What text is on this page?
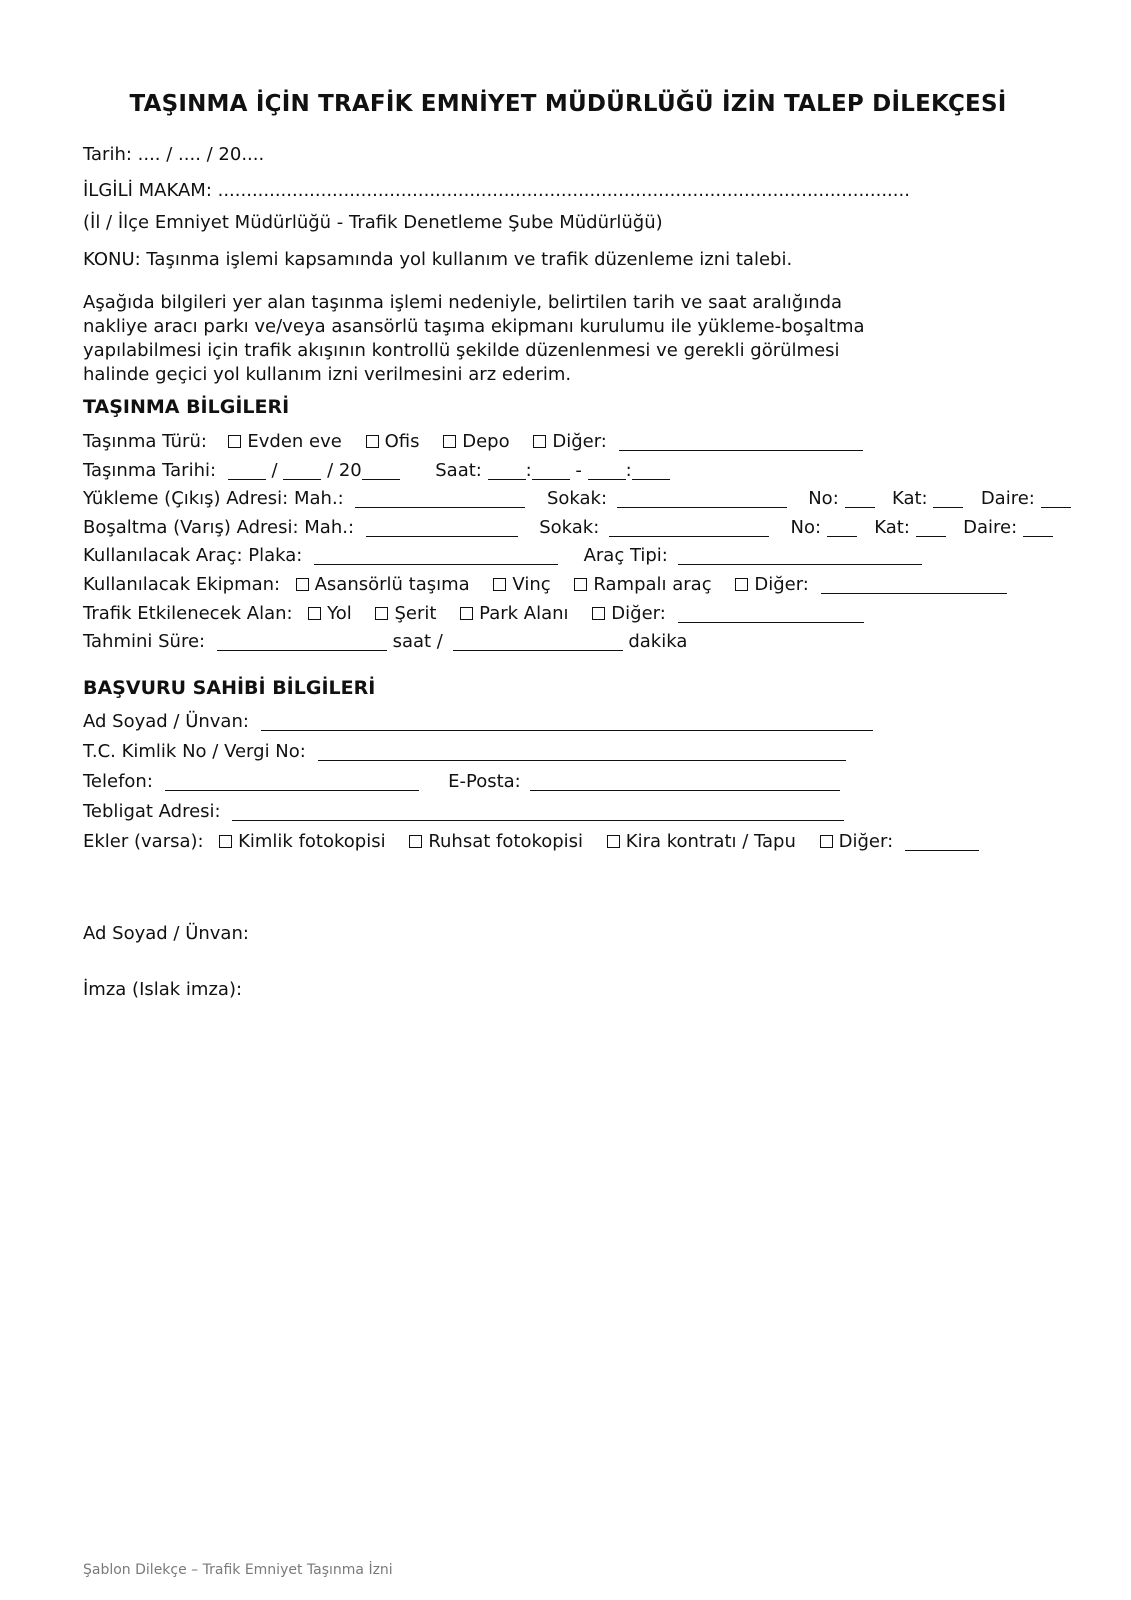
TAŞINMA İÇİN TRAFİK EMNİYET MÜDÜRLÜĞÜ İZİN TALEP DİLEKÇESİ
Tarih: .... / .... / 20....
İLGİLİ MAKAM: .........................................................................................................................
(İl / İlçe Emniyet Müdürlüğü - Trafik Denetleme Şube Müdürlüğü)
KONU: Taşınma işlemi kapsamında yol kullanım ve trafik düzenleme izni talebi.
Aşağıda bilgileri yer alan taşınma işlemi nedeniyle, belirtilen tarih ve saat aralığında
nakliye aracı parkı ve/veya asansörlü taşıma ekipmanı kurulumu ile yükleme-boşaltma
yapılabilmesi için trafik akışının kontrollü şekilde düzenlenmesi ve gerekli görülmesi
halinde geçici yol kullanım izni verilmesini arz ederim.
TAŞINMA BİLGİLERİ
Taşınma Türü: Evden eve Ofis Depo Diğer:
Taşınma Tarihi:	/	/ 20	Saat: : - :
Yükleme (Çıkış) Adresi: Mah.:	Sokak:	No:	Kat:	Daire:
Boşaltma (Varış) Adresi: Mah.:	Sokak:	No:	Kat:	Daire:
Kullanılacak Araç: Plaka:	Araç Tipi:
Kullanılacak Ekipman: Asansörlü taşıma Vinç Rampalı araç Diğer:
Trafik Etkilenecek Alan: Yol Şerit Park Alanı Diğer:
Tahmini Süre:	saat /	dakika
BAŞVURU SAHİBİ BİLGİLERİ
Ad Soyad / Ünvan:
T.C. Kimlik No / Vergi No:
Telefon:	E-Posta:
Tebligat Adresi:
Ekler (varsa): Kimlik fotokopisi Ruhsat fotokopisi Kira kontratı / Tapu Diğer:
Ad Soyad / Ünvan:
İmza (Islak imza):
Şablon Dilekçe – Trafik Emniyet Taşınma İzni
